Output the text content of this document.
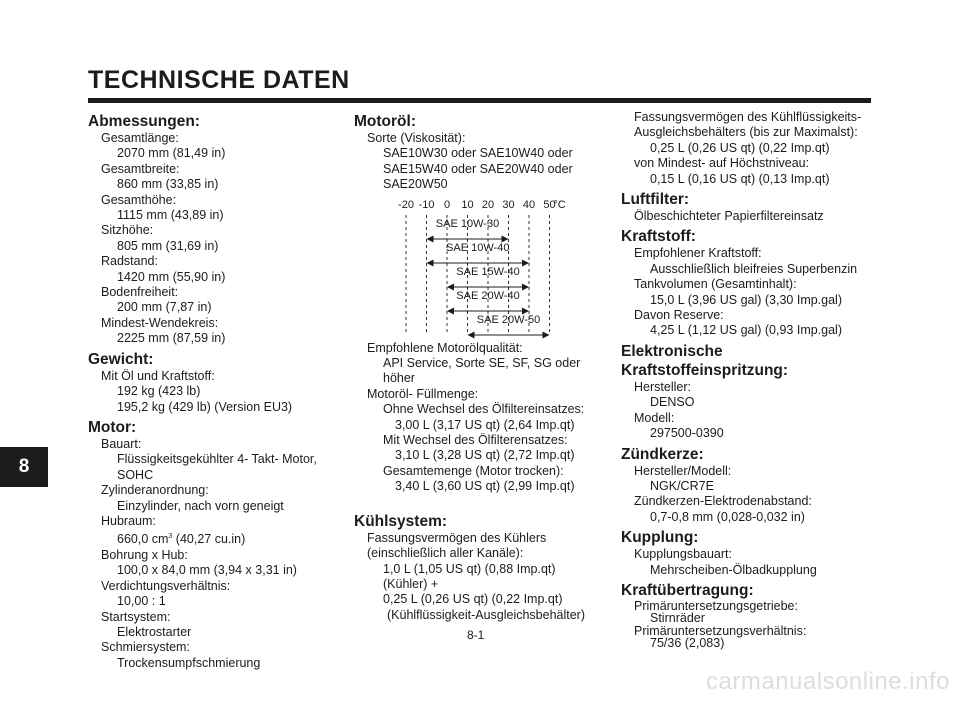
TECHNISCHE DATEN
8
Abmessungen:
Gesamtlänge:
2070 mm (81,49 in)
Gesamtbreite:
860 mm (33,85 in)
Gesamthöhe:
1115 mm (43,89 in)
Sitzhöhe:
805 mm (31,69 in)
Radstand:
1420 mm (55,90 in)
Bodenfreiheit:
200 mm (7,87 in)
Mindest-Wendekreis:
2225 mm (87,59 in)
Gewicht:
Mit Öl und Kraftstoff:
192 kg (423 lb)
195,2 kg (429 lb) (Version EU3)
Motor:
Bauart:
Flüssigkeitsgekühlter 4- Takt- Motor,
SOHC
Zylinderanordnung:
Einzylinder, nach vorn geneigt
Hubraum:
660,0 $cm^3$ (40,27 cu.in)
Bohrung x Hub:
100,0 x 84,0 mm (3,94 x 3,31 in)
Verdichtungsverhältnis:
10,00 : 1
Startsystem:
Elektrostarter
Schmiersystem:
Trockensumpfschmierung
Motoröl:
Sorte (Viskosität):
SAE10W30 oder SAE10W40 oder
SAE15W40 oder SAE20W40 oder
SAE20W50
-20 -10 0 10 20 30 40 50
°C
SAE 10W-30
SAE 10W-40
SAE 15W-40
SAE 20W-40
SAE 20W-50
Empfohlene Motorölqualität:
API Service, Sorte SE, SF, SG oder höher
Motoröl- Füllmenge:
Ohne Wechsel des Ölfiltereinsatzes:
3,00 L (3,17 US qt) (2,64 Imp.qt)
Mit Wechsel des Ölfilterensatzes:
3,10 L (3,28 US qt) (2,72 Imp.qt)
Gesamtemenge (Motor trocken):
3,40 L (3,60 US qt) (2,99 Imp.qt)
Kühlsystem:
Fassungsvermögen des Kühlers
(einschließlich aller Kanäle):
1,0 L (1,05 US qt) (0,88 Imp.qt)
(Kühler) +
0,25 L (0,26 US qt) (0,22 Imp.qt)
(Kühlflüssigkeit-Ausgleichsbehälter)
Fassungsvermögen des Kühlflüssigkeits-
Ausgleichsbehälters (bis zur Maximalst):
0,25 L (0,26 US qt) (0,22 Imp.qt)
von Mindest- auf Höchstniveau:
0,15 L (0,16 US qt) (0,13 Imp.qt)
Luftfilter:
Ölbeschichteter Papierfiltereinsatz
Kraftstoff:
Empfohlener Kraftstoff:
Ausschließlich bleifreies Superbenzin
Tankvolumen (Gesamtinhalt):
15,0 L (3,96 US gal) (3,30 Imp.gal)
Davon Reserve:
4,25 L (1,12 US gal) (0,93 Imp.gal)
Elektronische
Kraftstoffeinspritzung:
Hersteller:
DENSO
Modell:
297500-0390
Zündkerze:
Hersteller/Modell:
NGK/CR7E
Zündkerzen-Elektrodenabstand:
0,7-0,8 mm (0,028-0,032 in)
Kupplung:
Kupplungsbauart:
Mehrscheiben-Ölbadkupplung
Kraftübertragung:
Primäruntersetzungsgetriebe:
Stirnräder
Primäruntersetzungsverhältnis:
75/36 (2,083)
8-1
carmanualsonline.info
